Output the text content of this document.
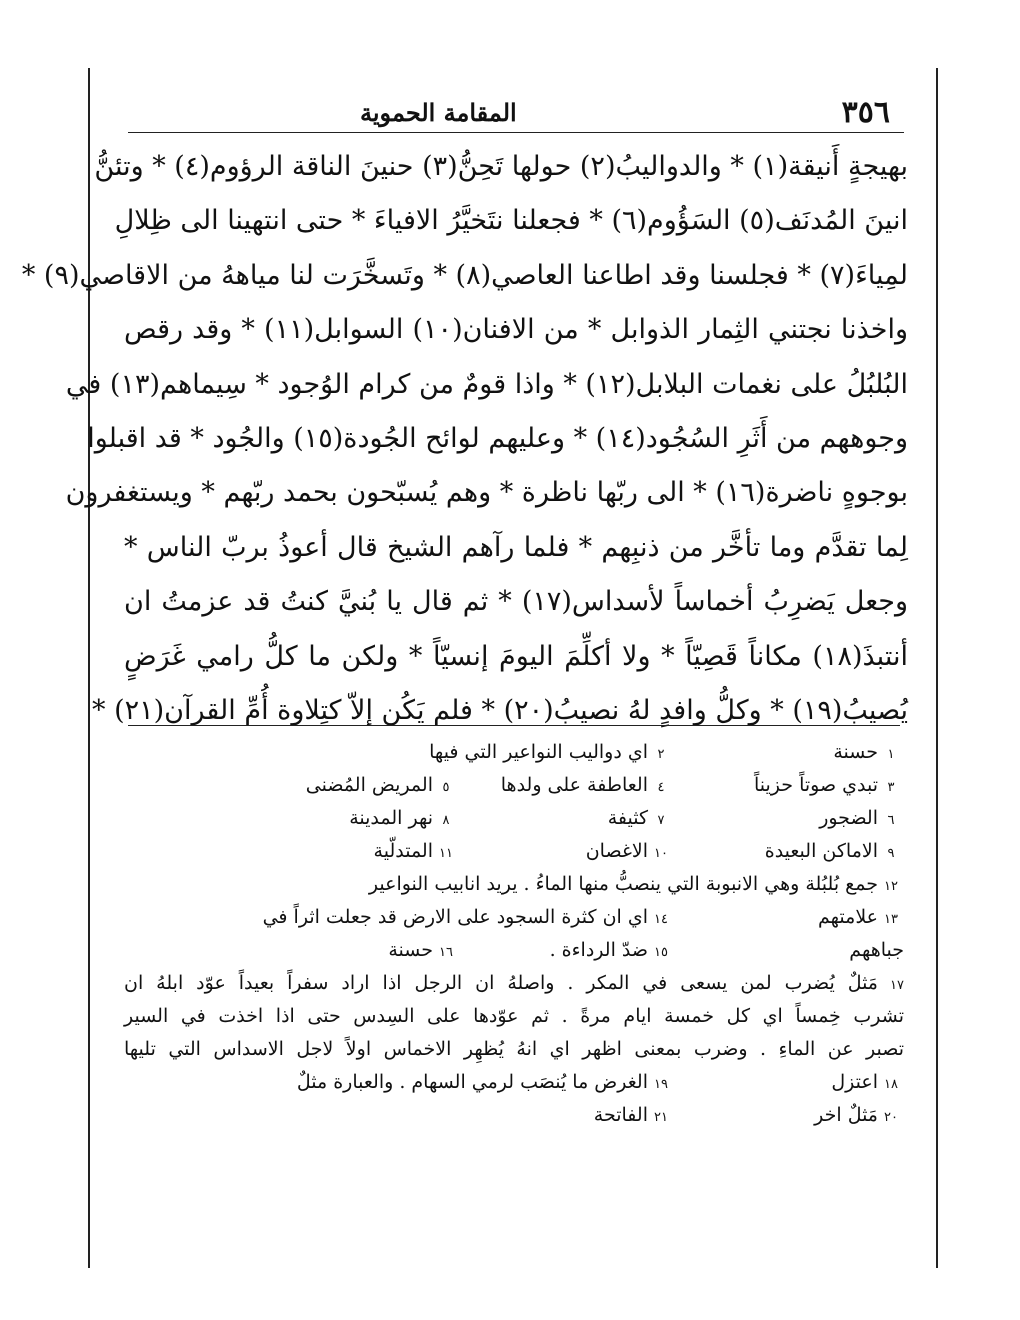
٣٥٦
المقامة الحموية
بهيجةٍ أَنيقة(١) * والدواليبُ(٢) حولها تَحِنُّ(٣) حنينَ الناقة الرؤوم(٤) * وتئنُّ
انينَ المُدنَف(٥) السَؤُوم(٦) * فجعلنا نتَخيَّرُ الافياءَ * حتى انتهينا الى ظِلالِ
لمِياءَ(٧) * فجلسنا وقد اطاعنا العاصي(٨) * وتَسخَّرَت لنا مياههُ من الاقاصي(٩) *
واخذنا نجتني الثِمار الذوابل * من الافنان(١٠) السوابل(١١) * وقد رقص
البُلبُلُ على نغمات البلابل(١٢) * واذا قومٌ من كرام الوُجود * سِيماهم(١٣) في
وجوههم من أَثَرِ السُجُود(١٤) * وعليهم لوائح الجُودة(١٥) والجُود * قد اقبلوا
بوجوهٍ ناضرة(١٦) * الى ربّها ناظرة * وهم يُسبّحون بحمد ربّهم * ويستغفرون
لِما تقدَّم وما تأخَّر من ذنبِهم * فلما رآهم الشيخ قال أعوذُ بربّ الناس *
وجعل يَضرِبُ أخماساً لأسداس(١٧) * ثم قال يا بُنيَّ كنتُ قد عزمتُ ان
أنتبذَ(١٨) مكاناً قَصِيّاً * ولا أكلِّمَ اليومَ إنسيّاً * ولكن ما كلُّ رامي غَرَضٍ
يُصيبُ(١٩) * وكلُّ وافدٍ لهُ نصيبُ(٢٠) * فلم يَكُن إلاّ كتِلاوة أُمِّ القرآن(٢١) *
١حسنة
٢اي دواليب النواعير التي فيها
٣تبدي صوتاً حزيناً
٤العاطفة على ولدها
٥المريض المُضنى
٦الضجور
٧كثيفة
٨نهر المدينة
٩الاماكن البعيدة
١٠الاغصان
١١المتدلّية
١٢جمع بُلبُلة وهي الانبوبة التي ينصبُّ منها الماءُ . يريد انابيب النواعير
١٣علامتهم
١٤اي ان كثرة السجود على الارض قد جعلت اثراً في
جباههم
١٥ضدّ الرداءة .
١٦حسنة
١٧مَثلٌ يُضرب لمن يسعى في المكر . واصلهُ ان الرجل اذا اراد سفراً بعيداً عوّد ابلهُ ان
تشرب خِمساً اي كل خمسة ايام مرةً . ثم عوّدها على السِدس حتى اذا اخذت في السير
تصبر عن الماءِ . وضرب بمعنى اظهر اي انهُ يُظهِر الاخماس اولاً لاجل الاسداس التي تليها
١٨اعتزل
١٩الغرض ما يُنصَب لرمي السهام . والعبارة مثلٌ
٢٠مَثلٌ اخر
٢١الفاتحة
